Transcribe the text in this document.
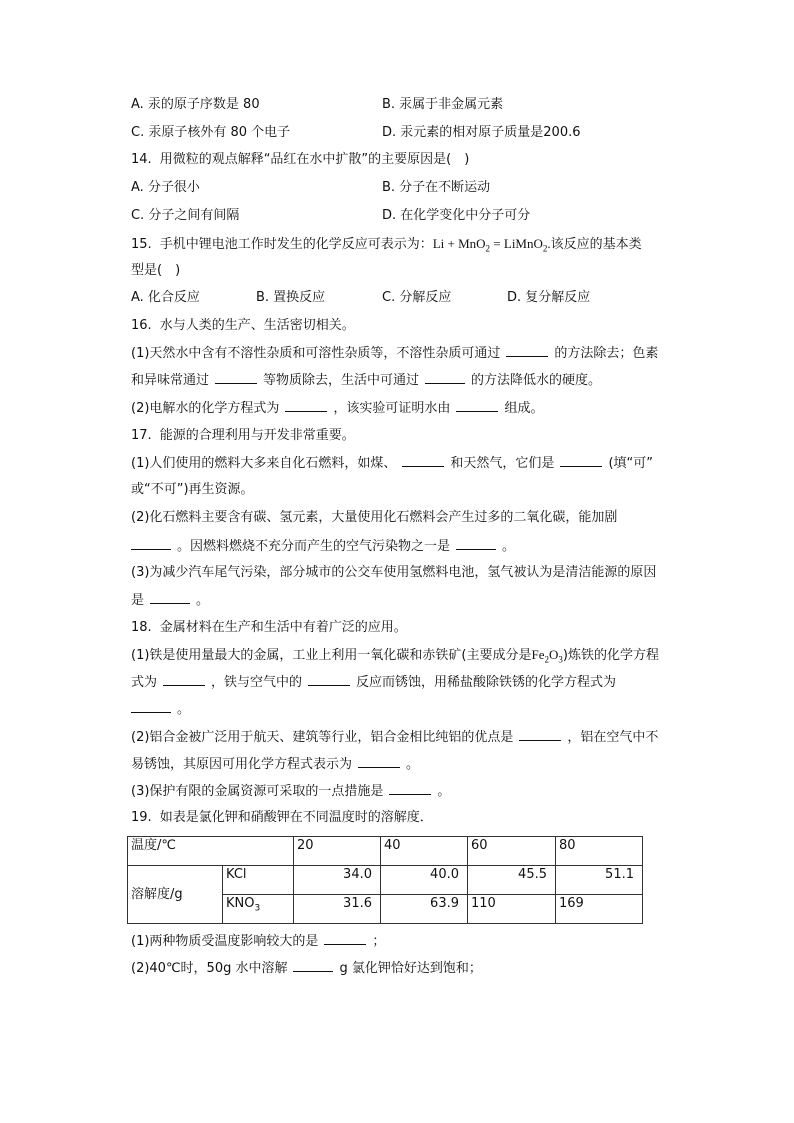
A. 汞的原子序数是 80	B. 汞属于非金属元素
C. 汞原子核外有 80 个电子	D. 汞元素的相对原子质量是200.6
14. 用微粒的观点解释“品红在水中扩散”的主要原因是(　)
A. 分子很小	B. 分子在不断运动
C. 分子之间有间隔	D. 在化学变化中分子可分
15. 手机中锂电池工作时发生的化学反应可表示为：Li + MnO$_2$ = LiMnO$_2$.该反应的基本类
型是(　)
A. 化合反应	B. 置换反应	C. 分解反应	D. 复分解反应
16. 水与人类的生产、生活密切相关。
(1)天然水中含有不溶性杂质和可溶性杂质等，不溶性杂质可通过	的方法除去；色素
和异味常通过	等物质除去，生活中可通过	的方法降低水的硬度。
(2)电解水的化学方程式为	，该实验可证明水由	组成。
17. 能源的合理利用与开发非常重要。
(1)人们使用的燃料大多来自化石燃料，如煤、	和天然气，它们是	(填“可”
或“不可”)再生资源。
(2)化石燃料主要含有碳、氢元素，大量使用化石燃料会产生过多的二氧化碳，能加剧
。因燃料燃烧不充分而产生的空气污染物之一是	。
(3)为减少汽车尾气污染，部分城市的公交车使用氢燃料电池，氢气被认为是清洁能源的原因
是	。
18. 金属材料在生产和生活中有着广泛的应用。
(1)铁是使用量最大的金属，工业上利用一氧化碳和赤铁矿(主要成分是$Fe_2O_3$)炼铁的化学方程
式为	，铁与空气中的	反应而锈蚀，用稀盐酸除铁锈的化学方程式为
。
(2)铝合金被广泛用于航天、建筑等行业，铝合金相比纯铝的优点是	，铝在空气中不
易锈蚀，其原因可用化学方程式表示为	。
(3)保护有限的金属资源可采取的一点措施是	。
19. 如表是氯化钾和硝酸钾在不同温度时的溶解度．
温度/℃		20	40	60	80
溶解度/g	KCl	34.0	40.0	45.5	51.1
	$KNO_3$	31.6	63.9	110	169
(1)两种物质受温度影响较大的是	；
(2)40℃时，50g 水中溶解	g 氯化钾恰好达到饱和；
